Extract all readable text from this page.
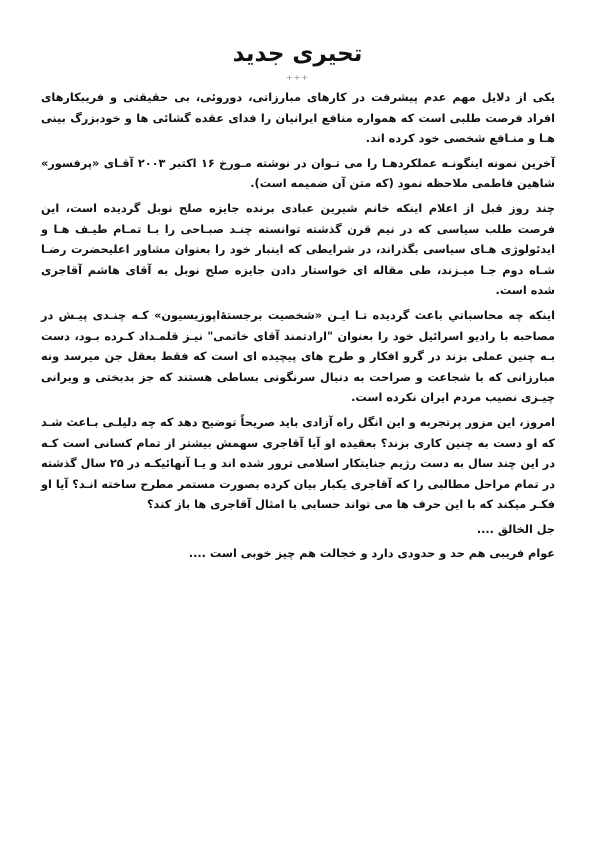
تحیری جدید
+++

یکی از دلایل مهم عدم پیشرفت در کارهای مبارزاتی، دوروئی، بی حقیقتی و فریبکارهای افراد فرصت طلبی است که همواره منافع ایرانیان را فدای عقده گشائی ها و خودبزرگ بینی هـا و منـافع شخصی خود کرده اند.

آخرین نمونه اینگونـه عملکردهـا را می تـوان در نوشته مـورخ ۱۶ اکتبر ۲۰۰۳ آقـای «پرفسور» شاهین فاطمی ملاحظه نمود (که متن آن ضمیمه است).

چند روز قبل از اعلام اینکه خانم شیرین عبادی برنده جایزه صلح نوبل گردیده است، این فرصت طلب سیاسی که در نیم قرن گذشته توانسته چنـد صبـاحی را بـا تمـام طیـف هـا و ایدئولوژی هـای سیاسی بگذراند، در شرایطی که اینبار خود را بعنوان مشاور اعلیحضرت رضـا شـاه دوم جـا میـزند، طی مقاله ای خواستار دادن جایزه صلح نوبل به آقای هاشم آقاجری شده است.

اینکه چه محاسباتي باعث گردیده تـا ایـن «شخصیت برجستۀاپوزیسیون» کـه چنـدی پیـش در مصاحبه با رادیو اسرائیل خود را بعنوان "ارادتمند آقای خاتمی" نیـز قلمـداد کـرده بـود، دست بـه چنین عملی بزند در گرو افکار و طرح های پیچیده ای است که فقط بعقل جن میرسد ونه مبارزانی که با شجاعت و صراحت به دنبال سرنگونی بساطی هستند که جز بدبختی و ویرانی چیـزی نصیب مردم ایران نکرده است.

امروز، این مزور پرتجربه و این انگل راه آزادی باید صریحاً توضیح دهد که چه دلیلـی بـاعث شـد که او دست به چنین کاری بزند؟ بعقیده او آیا آقاجری سهمش بیشتر از تمام کسانی است کـه در این چند سال به دست رژیم جنایتکار اسلامی ترور شده اند و یـا آنهائیکـه در ۲۵ سال گذشته در تمام مراحل مطالبی را که آقاجری یکبار بیان کرده بصورت مستمر مطرح ساخته انـد؟ آیا او فکـر میکند که با این حرف ها می تواند حسابی با امثال آقاجری ها باز کند؟

جل الخالق ....

عوام فریبی هم حد و حدودی دارد و خجالت هم چیز خوبی است ....
